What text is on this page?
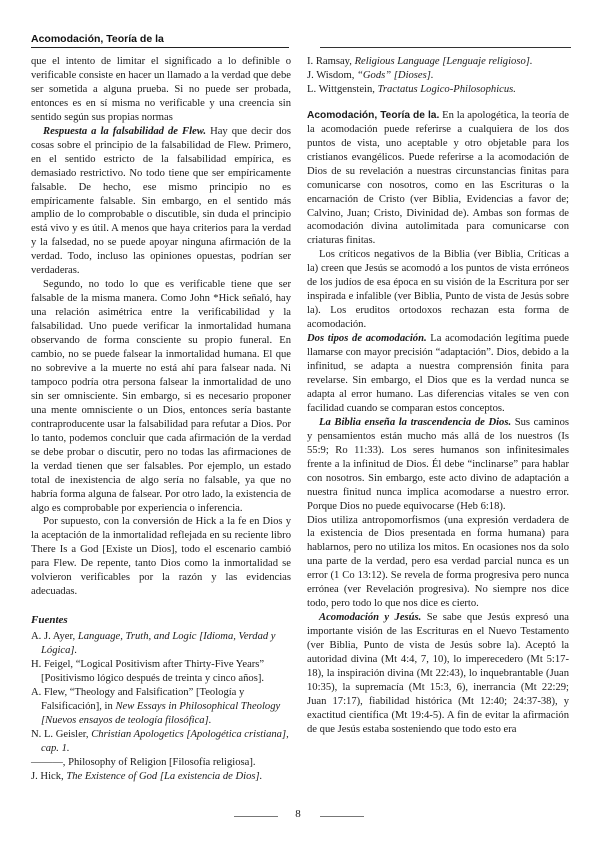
Acomodación, Teoría de la

que el intento de limitar el significado a lo definible o verificable consiste en hacer un llamado a la verdad que debe ser sometida a alguna prueba. Si no puede ser probada, entonces es en sí misma no verificable y una creencia sin sentido según sus propias normas

Respuesta a la falsabilidad de Flew. Hay que decir dos cosas sobre el principio de la falsabilidad de Flew. Primero, en el sentido estricto de la falsabilidad empírica, es demasiado restrictivo. No todo tiene que ser empíricamente falsable. De hecho, ese mismo principio no es empíricamente falsable. Sin embargo, en el sentido más amplio de lo comprobable o discutible, sin duda el principio está vivo y es útil. A menos que haya criterios para la verdad y la falsedad, no se puede apoyar ninguna afirmación de la verdad. Todo, incluso las opiniones opuestas, podrían ser verdaderas.

Segundo, no todo lo que es verificable tiene que ser falsable de la misma manera. Como John *Hick señaló, hay una relación asimétrica entre la verificabilidad y la falsabilidad. Uno puede verificar la inmortalidad humana observando de forma consciente su propio funeral. En cambio, no se puede falsear la inmortalidad humana. El que no sobrevive a la muerte no está ahí para falsear nada. Ni tampoco podría otra persona falsear la inmortalidad de uno sin ser omnisciente. Sin embargo, si es necesario proponer una mente omnisciente o un Dios, entonces sería bastante contraproducente usar la falsabilidad para refutar a Dios. Por lo tanto, podemos concluir que cada afirmación de la verdad se debe probar o discutir, pero no todas las afirmaciones de la verdad tienen que ser falsables. Por ejemplo, un estado total de inexistencia de algo sería no falsable, ya que no habría forma alguna de falsear. Por otro lado, la existencia de algo es comprobable por experiencia o inferencia.

Por supuesto, con la conversión de Hick a la fe en Dios y la aceptación de la inmortalidad reflejada en su reciente libro There Is a God [Existe un Dios], todo el escenario cambió para Flew. De repente, tanto Dios como la inmortalidad se volvieron verificables por la razón y las evidencias adecuadas.

Fuentes

A. J. Ayer, Language, Truth, and Logic [Idioma, Verdad y Lógica].

H. Feigel, “Logical Positivism after Thirty-Five Years” [Positivismo lógico después de treinta y cinco años].

A. Flew, “Theology and Falsification” [Teología y Falsificación], in New Essays in Philosophical Theology [Nuevos ensayos de teología filosófica].

N. L. Geisler, Christian Apologetics [Apologética cristiana], cap. 1.

———, Philosophy of Religion [Filosofía religiosa].

J. Hick, The Existence of God [La existencia de Dios].

I. Ramsay, Religious Language [Lenguaje religioso].

J. Wisdom, “Gods” [Dioses].

L. Wittgenstein, Tractatus Logico-Philosophicus.

Acomodación, Teoría de la. En la apologética, la teoría de la acomodación puede referirse a cualquiera de los dos puntos de vista, uno aceptable y otro objetable para los cristianos evangélicos. Puede referirse a la acomodación de Dios de su revelación a nuestras circunstancias finitas para comunicarse con nosotros, como en las Escrituras o la encarnación de Cristo (ver Biblia, Evidencias a favor de; Calvino, Juan; Cristo, Divinidad de). Ambas son formas de acomodación divina autolimitada para comunicarse con criaturas finitas.

Los críticos negativos de la Biblia (ver Biblia, Críticas a la) creen que Jesús se acomodó a los puntos de vista erróneos de los judíos de esa época en su visión de la Escritura por ser inspirada e infalible (ver Biblia, Punto de vista de Jesús sobre la). Los eruditos ortodoxos rechazan esta forma de acomodación.

Dos tipos de acomodación. La acomodación legítima puede llamarse con mayor precisión “adaptación”. Dios, debido a la infinitud, se adapta a nuestra comprensión finita para revelarse. Sin embargo, el Dios que es la verdad nunca se adapta al error humano. Las diferencias vitales se ven con facilidad cuando se comparan estos conceptos.

La Biblia enseña la trascendencia de Dios. Sus caminos y pensamientos están mucho más allá de los nuestros (Is 55:9; Ro 11:33). Los seres humanos son infinitesimales frente a la infinitud de Dios. Él debe “inclinarse” para hablar con nosotros. Sin embargo, este acto divino de adaptación a nuestra finitud nunca implica acomodarse a nuestro error. Porque Dios no puede equivocarse (Heb 6:18).

Dios utiliza antropomorfismos (una expresión verdadera de la existencia de Dios presentada en forma humana) para hablarnos, pero no utiliza los mitos. En ocasiones nos da solo una parte de la verdad, pero esa verdad parcial nunca es un error (1 Co 13:12). Se revela de forma progresiva pero nunca errónea (ver Revelación progresiva). No siempre nos dice todo, pero todo lo que nos dice es cierto.

Acomodación y Jesús. Se sabe que Jesús expresó una importante visión de las Escrituras en el Nuevo Testamento (ver Biblia, Punto de vista de Jesús sobre la). Aceptó la autoridad divina (Mt 4:4, 7, 10), lo imperecedero (Mt 5:17-18), la inspiración divina (Mt 22:43), lo inquebrantable (Juan 10:35), la supremacía (Mt 15:3, 6), inerrancia (Mt 22:29; Juan 17:17), fiabilidad histórica (Mt 12:40; 24:37-38), y exactitud científica (Mt 19:4-5). A fin de evitar la afirmación de que Jesús estaba sosteniendo que todo esto era

8
